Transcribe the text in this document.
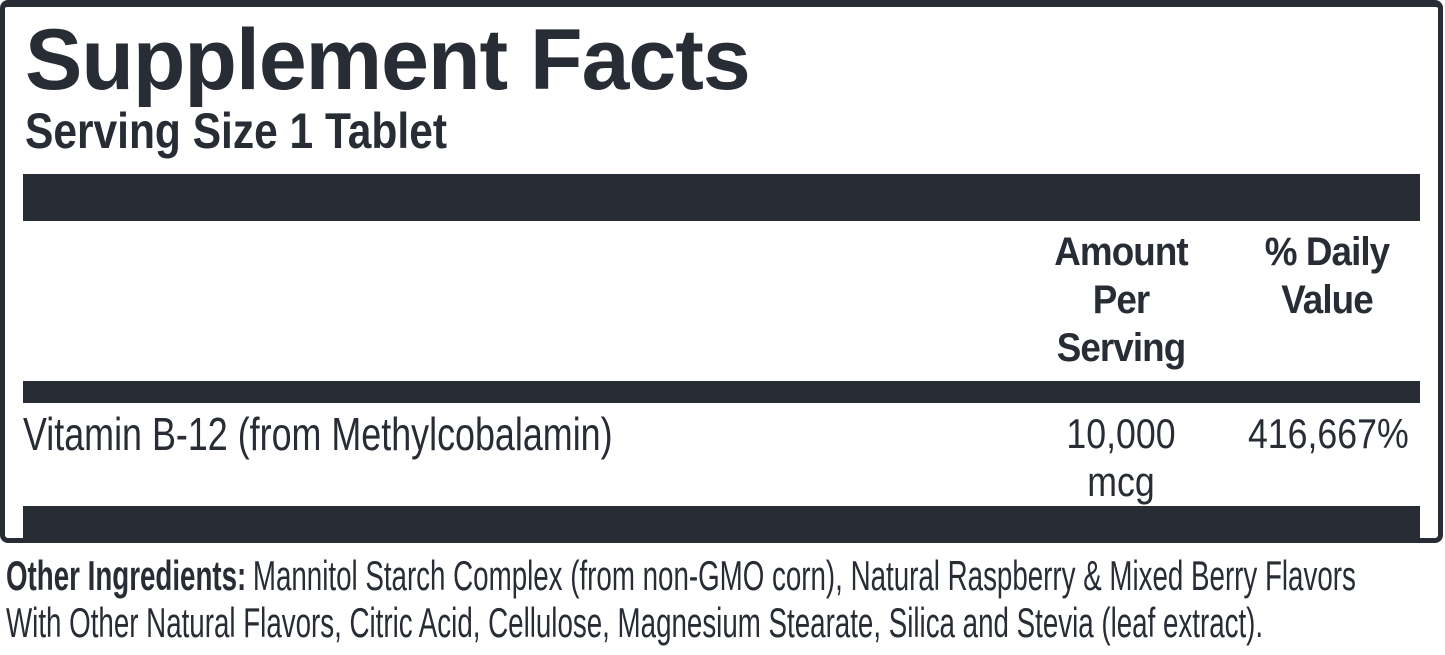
Supplement Facts
Serving Size 1 Tablet
Amount Per Serving
% Daily Value
Vitamin B-12 (from Methylcobalamin)	10,000
mcg
416,667%
Other Ingredients: Mannitol Starch Complex (from non-GMO corn), Natural Raspberry & Mixed Berry Flavors
With Other Natural Flavors, Citric Acid, Cellulose, Magnesium Stearate, Silica and Stevia (leaf extract).
